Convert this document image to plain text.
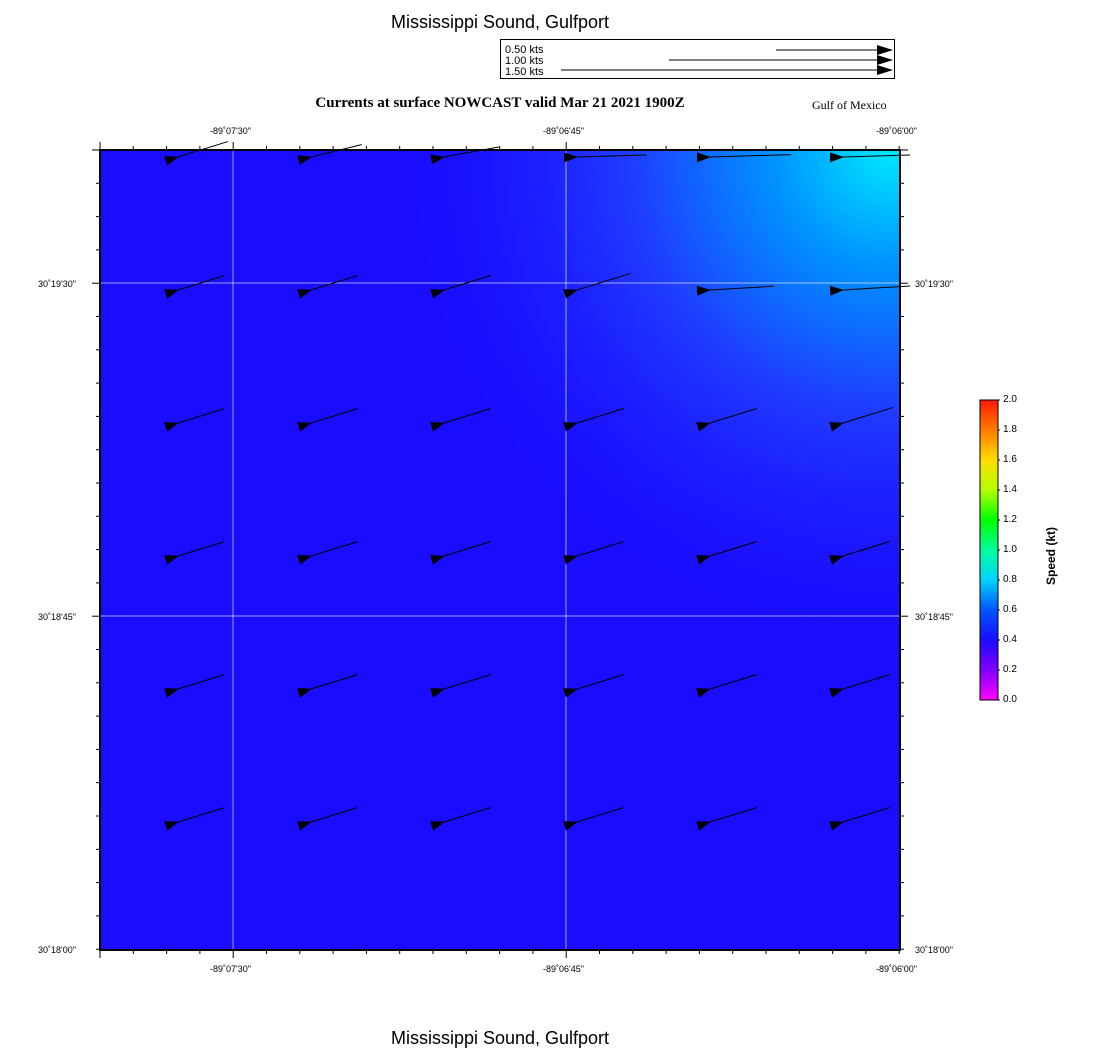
Mississippi Sound, Gulfport
0.50 kts
1.00 kts
1.50 kts
Currents at surface NOWCAST valid Mar 21 2021 1900Z	Gulf of Mexico
-89˚07'30"	-89˚06'45"	-89˚06'00"
-89˚07'30"	-89˚06'45"	-89˚06'00"
30˚19'30"
30˚18'45"
30˚18'00"
30˚19'30"
30˚18'45"
30˚18'00"
0.0
0.2
0.4
0.6
0.8
1.0
1.2
1.4
1.6
1.8
2.0
Speed (kt)
Mississippi Sound, Gulfport
